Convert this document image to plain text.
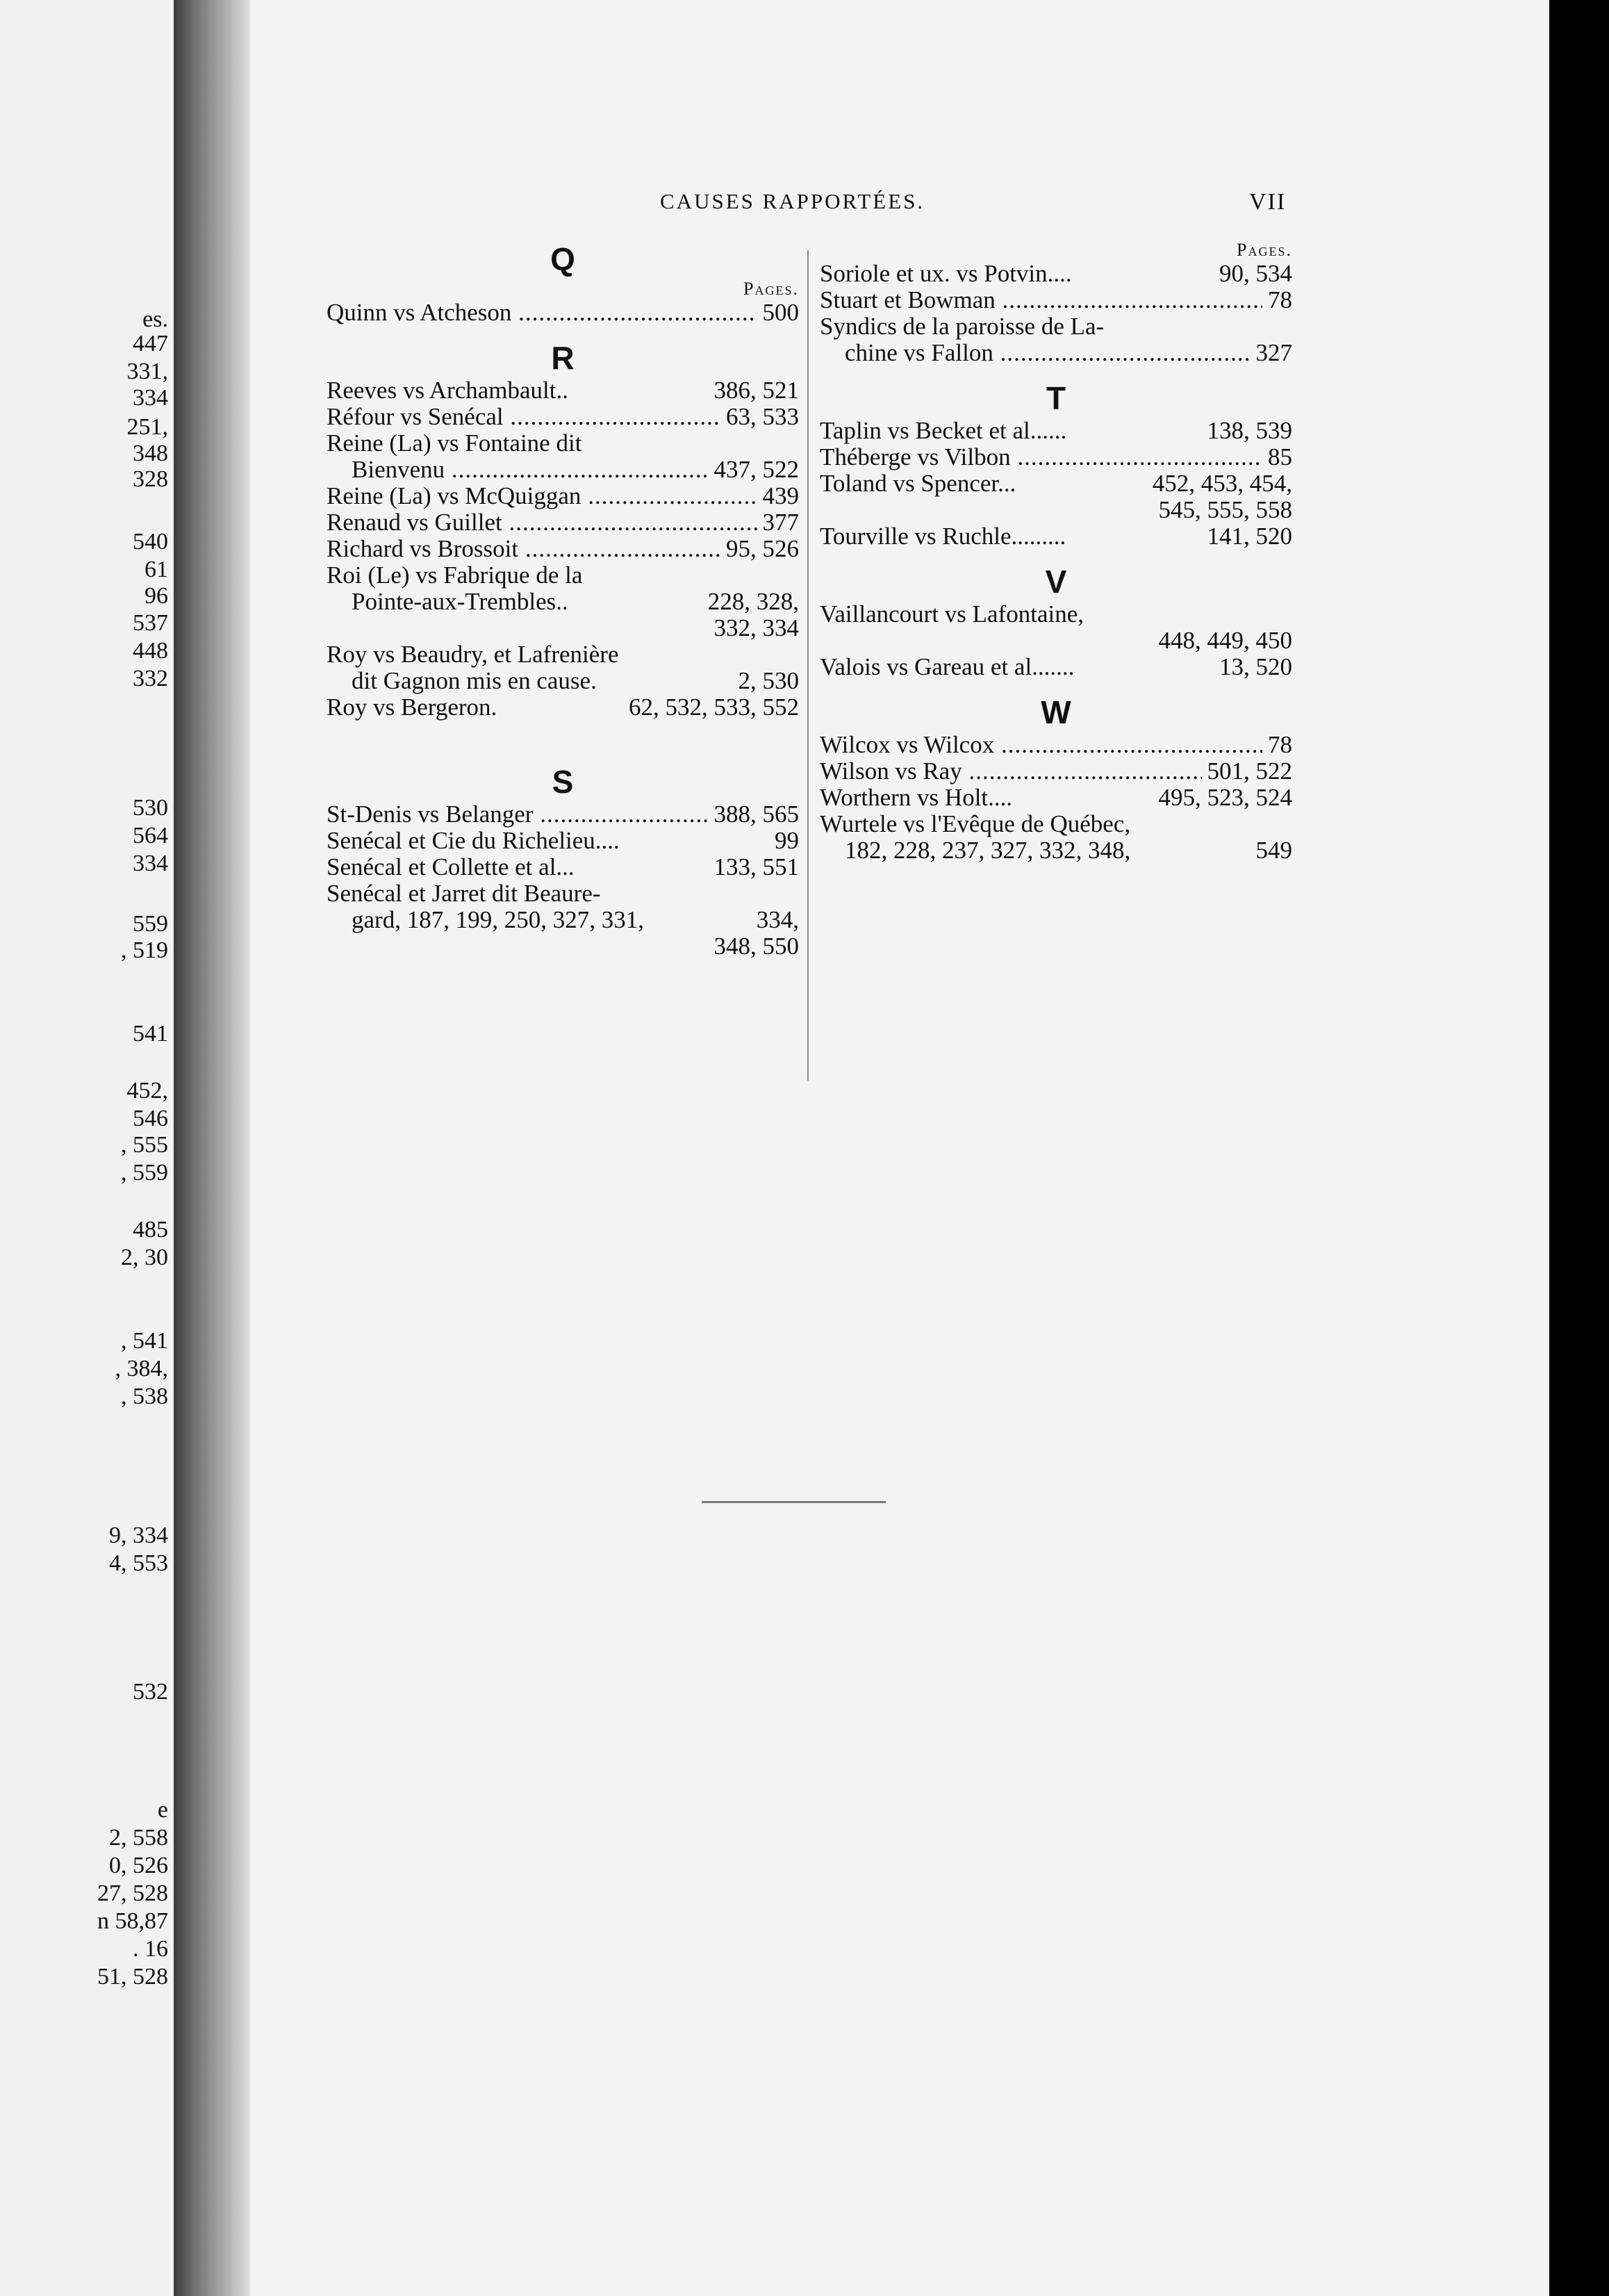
es.
447
331,
334
251,
348
328
540
61
96
537
448
332
530
564
334
559
, 519
541
452,
546
, 555
, 559
485
2, 30
, 541
, 384,
, 538
9, 334
4, 553
532
e
2, 558
0, 526
27, 528
n 58,87
. 16
51, 528
CAUSES RAPPORTÉES.	VII
Q
Pages.
Quinn vs Atcheson .....	500
R
Reeves vs Archambault..	386, 521
Réfour vs Senécal .....	63, 533
Reine (La) vs Fontaine dit
Bienvenu .....	437, 522
Reine (La) vs McQuiggan .....	439
Renaud vs Guillet .....	377
Richard vs Brossoit .....	95, 526
Roi (Le) vs Fabrique de la
Pointe-aux-Trembles..	228, 328,
332, 334
Roy vs Beaudry, et Lafrenière
dit Gagnon mis en cause.	2, 530
Roy vs Bergeron.	62, 532, 533, 552
S
St-Denis vs Belanger .....	388, 565
Senécal et Cie du Richelieu....	99
Senécal et Collette et al...	133, 551
Senécal et Jarret dit Beaure-
gard, 187, 199, 250, 327, 331,	334,
348, 550
Pages.
Soriole et ux. vs Potvin....	90, 534
Stuart et Bowman .....	78
Syndics de la paroisse de La-
chine vs Fallon .....	327
T
Taplin vs Becket et al......	138, 539
Théberge vs Vilbon .....	85
Toland vs Spencer...	452, 453, 454,
545, 555, 558
Tourville vs Ruchle.........	141, 520
V
Vaillancourt vs Lafontaine,
448, 449, 450
Valois vs Gareau et al.......	13, 520
W
Wilcox vs Wilcox .....	78
Wilson vs Ray .....	501, 522
Worthern vs Holt....	495, 523, 524
Wurtele vs l'Evêque de Québec,
182, 228, 237, 327, 332, 348,	549
